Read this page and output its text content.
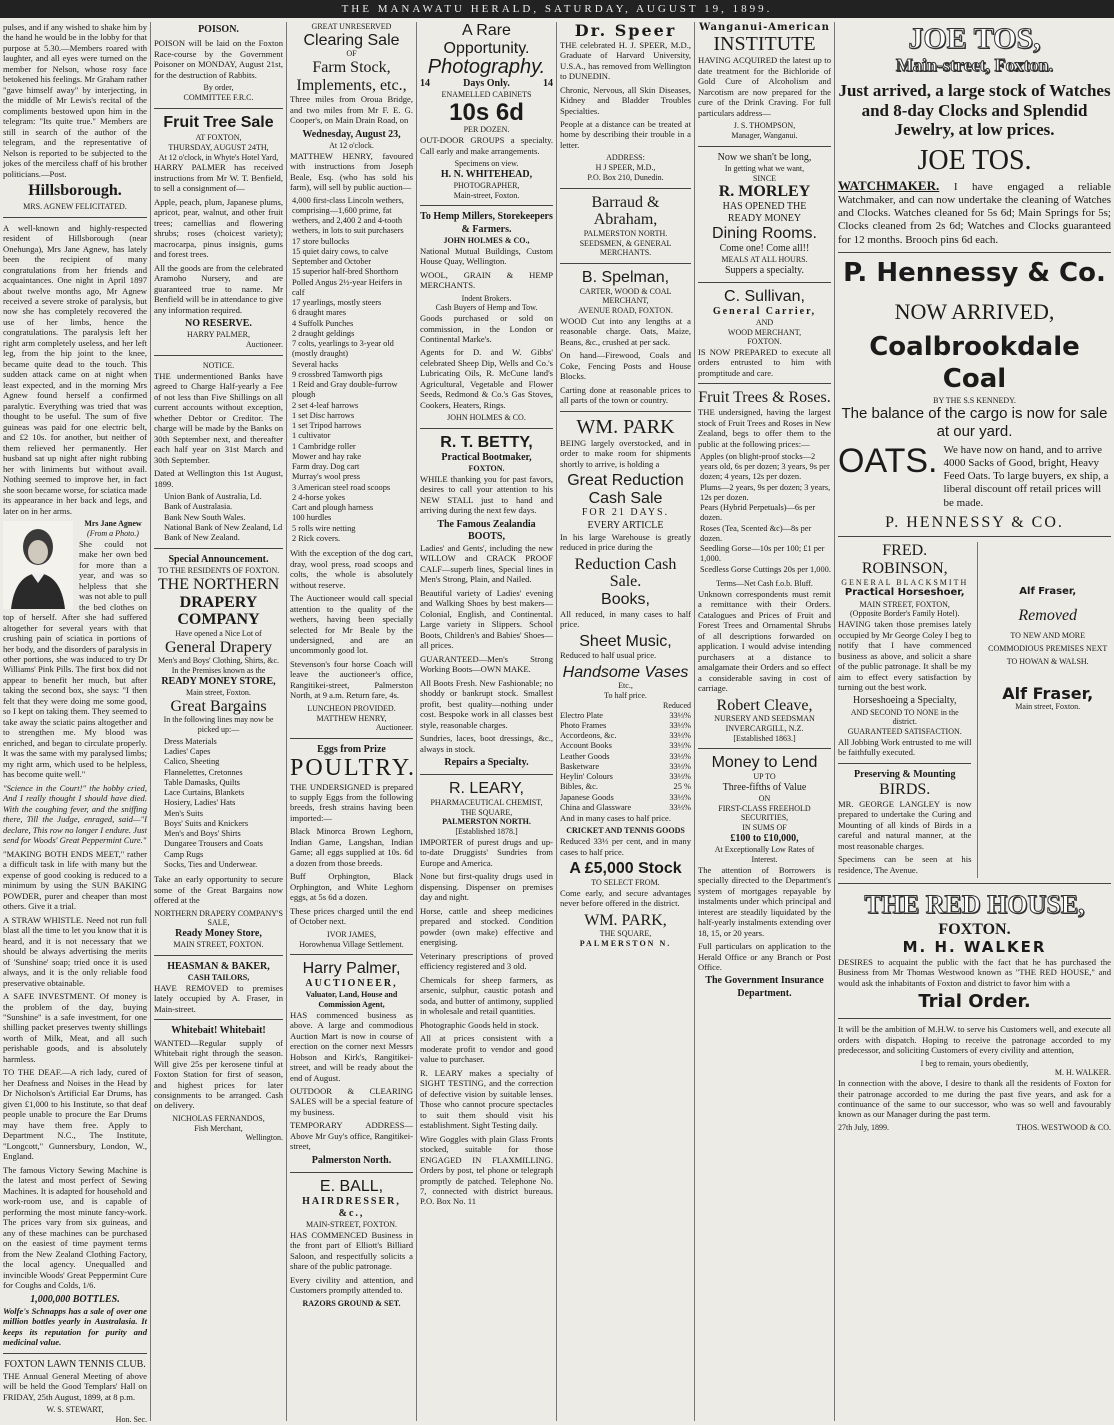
THE MANAWATU HERALD, SATURDAY, AUGUST 19, 1899.

pulses, and if any wished to shake him by the hand he would be in the lobby for that purpose at 5.30.—Members roared with laughter, and all eyes were turned on the member for Nelson, whose rosy face betokened his feelings. Mr Graham rather "gave himself away" by interjecting, in the middle of Mr Lewis's recital of the compliments bestowed upon him in the telegram: "Its quite true." Members are still in search of the author of the telegram, and the representative of Nelson is reported to be subjected to the jokes of the merciless chaff of his brother politicians.—Post.

Hillsborough.
MRS. AGNEW FELICITATED.

A well-known and highly-respected resident of Hillsborough (near Onehunga), Mrs Jane Agnew, has lately been the recipient of many congratulations from her friends and acquaintances. One night in April 1897 about twelve months ago, Mr Agnew received a severe stroke of paralysis, but now she has completely recovered the use of her limbs, hence the congratulations. The paralysis left her right arm completely useless, and her left leg, from the hip joint to the knee, became quite dead to the touch. This sudden attack came on at night when least expected, and in the morning Mrs Agnew found herself a confirmed paralytic. Everything was tried that was thought to be useful. The sum of five guineas was paid for one electric belt, and £2 10s. for another, but neither of them relieved her permanently. Her husband sat up night after night rubbing her with liniments but without avail. Nothing seemed to improve her, in fact she soon became worse, for sciatica made its appearance in her back and legs, and later on in her arms.

Mrs Jane Agnew
(From a Photo.)

She could not make her own bed for more than a year, and was so helpless that she was not able to pull the bed clothes on top of herself. After she had suffered altogether for several years with that crushing pain of sciatica in portions of her body, and the disorders of paralysis in other portions, she was induced to try Dr Williams' Pink Pills. The first box did not appear to benefit her much, but after taking the second box, she says: "I then felt that they were doing me some good, so I kept on taking them. They seemed to take away the sciatic pains altogether and to strengthen me. My blood was enriched, and began to circulate properly. It was the same with my paralysed limbs; my right arm, which used to be helpless, has become quite well."

"Science in the Court!" the hobby cried, And I really thought I should have died. With the coughing fever, and the sniffing there, Till the Judge, enraged, said—"I declare, This row no longer I endure. Just send for Woods' Great Peppermint Cure."

"MAKING BOTH ENDS MEET," rather a difficult task in life with many but the expense of good cooking is reduced to a minimum by using the SUN BAKING POWDER, purer and cheaper than most others. Give it a trial.

A STRAW WHISTLE. Need not run full blast all the time to let you know that it is heard, and it is not necessary that we should be always advertising the merits of 'Sunshine' soap; tried once it is used always, and it is the only reliable food preservative obtainable.

A SAFE INVESTMENT. Of money is the problem of the day, buying "Sunshine" is a safe investment, for one shilling packet preserves twenty shillings worth of Milk, Meat, and all such perishable goods, and is absolutely harmless.

TO THE DEAF.—A rich lady, cured of her Deafness and Noises in the Head by Dr Nicholson's Artificial Ear Drums, has given £1,000 to his Institute, so that deaf people unable to procure the Ear Drums may have them free. Apply to Department N.C., The Institute, "Longcott," Gunnersbury, London, W., England.

The famous Victory Sewing Machine is the latest and most perfect of Sewing Machines. It is adapted for household and work-room use, and is capable of performing the most minute fancy-work. The prices vary from six guineas, and any of these machines can be purchased on the easiest of time payment terms from the New Zealand Clothing Factory, the local agency. Unequalled and invincible Woods' Great Peppermint Cure for Coughs and Colds, 1/6.

1,000,000 BOTTLES.

Wolfe's Schnapps has a sale of over one million bottles yearly in Australasia. It keeps its reputation for purity and medicinal value.

FOXTON LAWN TENNIS CLUB.

THE Annual General Meeting of above will be held the Good Templars' Hall on FRIDAY, 25th August, 1899, at 8 p.m.

W. S. STEWART,
Hon. Sec.
POISON.

POISON will be laid on the Foxton Race-course by the Government Poisoner on MONDAY, August 21st, for the destruction of Rabbits.

By order,
COMMITTEE F.R.C.
Fruit Tree Sale
AT FOXTON,
THURSDAY, AUGUST 24TH,
At 12 o'clock, in Whyte's Hotel Yard,

HARRY PALMER has received instructions from Mr W. T. Benfield, to sell a consignment of—

Apple, peach, plum, Japanese plums, apricot, pear, walnut, and other fruit trees; camellias and flowering shrubs; roses (choicest variety); macrocarpa, pinus insignis, gums and forest trees.

All the goods are from the celebrated Aramoho Nursery, and are guaranteed true to name. Mr Benfield will be in attendance to give any information required.

NO RESERVE.
HARRY PALMER,
Auctioneer.
NOTICE.

THE undermentioned Banks have agreed to Charge Half-yearly a Fee of not less than Five Shillings on all current accounts without exception, whether Debtor or Creditor. The charge will be made by the Banks on 30th September next, and thereafter each half year on 31st March and 30th September.

Dated at Wellington this 1st August, 1899.

Union Bank of Australia, Ld.
Bank of Australasia.
Bank New South Wales.
National Bank of New Zealand, Ld
Bank of New Zealand.
Special Announcement.
TO THE RESIDENTS OF FOXTON.
THE NORTHERN
DRAPERY COMPANY
Have opened a Nice Lot of
General Drapery
Men's and Boys' Clothing, Shirts, &c.
In the Premises known as the
READY MONEY STORE,
Main street, Foxton.
Great Bargains
In the following lines may now be picked up:—
Dress Materials
Ladies' Capes
Calico, Sheeting
Flannelettes, Cretonnes
Table Damasks, Quilts
Lace Curtains, Blankets
Hosiery, Ladies' Hats
Men's Suits
Boys' Suits and Knickers
Men's and Boys' Shirts
Dungaree Trousers and Coats
Camp Rugs
Socks, Ties and Underwear.

Take an early opportunity to secure some of the Great Bargains now offered at the

NORTHERN DRAPERY COMPANY'S SALE,
Ready Money Store,
MAIN STREET, FOXTON.
HEASMAN & BAKER,
CASH TAILORS,

HAVE REMOVED to premises lately occupied by A. Fraser, in Main-street.

Whitebait! Whitebait!

WANTED—Regular supply of Whitebait right through the season. Will give 25s per kerosene tinful at Foxton Station for first of season, and highest prices for later consignments to be arranged. Cash on delivery.

NICHOLAS FERNANDOS,
Fish Merchant,
Wellington.
GREAT UNRESERVED
Clearing Sale
OF
Farm Stock, Implements, etc.,

Three miles from Oroua Bridge, and two miles from Mr F. E. G. Cooper's, on Main Drain Road, on

Wednesday, August 23,
At 12 o'clock.

MATTHEW HENRY, favoured with instructions from Joseph Beale, Esq. (who has sold his farm), will sell by public auction—

4,000 first-class Lincoln wethers, comprising—1,600 prime, fat wethers, and 2,400 2 and 4-tooth wethers, in lots to suit purchasers
17 store bullocks
15 quiet dairy cows, to calve September and October
15 superior half-bred Shorthorn Polled Angus 2½-year Heifers in calf
17 yearlings, mostly steers
6 draught mares
4 Suffolk Punches
2 draught geldings
7 colts, yearlings to 3-year old (mostly draught)
Several hacks
9 crossbred Tamworth pigs
1 Reid and Gray double-furrow plough
2 set 4-leaf harrows
1 set Disc harrows
1 set Tripod harrows
1 cultivator
1 Cambridge roller
Mower and hay rake
Farm dray. Dog cart
Murray's wool press
3 American steel road scoops
2 4-horse yokes
Cart and plough harness
100 hurdles
5 rolls wire netting
2 Rick covers.

With the exception of the dog cart, dray, wool press, road scoops and colts, the whole is absolutely without reserve.

The Auctioneer would call special attention to the quality of the wethers, having been specially selected for Mr Beale by the undersigned, and are an uncommonly good lot.

Stevenson's four horse Coach will leave the auctioneer's office, Rangitikei-street, Palmerston North, at 9 a.m. Return fare, 4s.

LUNCHEON PROVIDED.
MATTHEW HENRY,
Auctioneer.
Eggs from Prize
POULTRY.

THE UNDERSIGNED is prepared to supply Eggs from the following breeds, fresh strains having been imported:—

Black Minorca Brown Leghorn, Indian Game, Langshan, Indian Game; all eggs supplied at 10s. 6d a dozen from those breeds.

Buff Orphington, Black Orphington, and White Leghorn eggs, at 5s 6d a dozen.

These prices charged until the end of October next.

IVOR JAMES,
Horowhenua Village Settlement.
Harry Palmer,
AUCTIONEER,
Valuator, Land, House and Commission Agent,

HAS commenced business as above. A large and commodious Auction Mart is now in course of erection on the corner next Messrs Hobson and Kirk's, Rangitikei-street, and will be ready about the end of August.

OUTDOOR & CLEARING SALES will be a special feature of my business.

TEMPORARY ADDRESS—Above Mr Guy's office, Rangitikei-street,

Palmerston North.
E. BALL,
HAIRDRESSER, &c.,
MAIN-STREET, FOXTON.

HAS COMMENCED Business in the front part of Elliott's Billiard Saloon, and respectfully solicits a share of the public patronage.

Every civility and attention, and Customers promptly attended to.

RAZORS GROUND & SET.
A Rare Opportunity.
Photography.
14	Days Only.	14
ENAMELLED CABINETS
10s 6d
PER DOZEN.

OUT-DOOR GROUPS a specialty. Call early and make arrangements.

Specimens on view.
H. N. WHITEHEAD,
PHOTOGRAPHER,
Main-street, Foxton.
To Hemp Millers, Storekeepers & Farmers.
JOHN HOLMES & CO.,

National Mutual Buildings, Custom House Quay, Wellington.

WOOL, GRAIN & HEMP MERCHANTS.

Indent Brokers.
Cash Buyers of Hemp and Tow.

Goods purchased or sold on commission, in the London or Continental Marke's.

Agents for D. and W. Gibbs' celebrated Sheep Dip, Wells and Co.'s Lubricating Oils, R. McCune land's Agricultural, Vegetable and Flower Seeds, Redmond & Co.'s Gas Stoves, Cookers, Heaters, Rings.

JOHN HOLMES & CO.
R. T. BETTY,
Practical Bootmaker,
FOXTON.

WHILE thanking you for past favors, desires to call your attention to his NEW STALL just to hand and arriving during the next few days.

The Famous Zealandia BOOTS,

Ladies' and Gents', including the new WILLOW and CRACK PROOF CALF—superb lines, Special lines in Men's Strong, Plain, and Nailed.

Beautiful variety of Ladies' evening and Walking Shoes by best makers—Colonial, English, and Continental. Large variety in Slippers. School Boots, Children's and Babies' Shoes—all prices.

GUARANTEED—Men's Strong Working Boots—OWN MAKE.

All Boots Fresh. New Fashionable; no shoddy or bankrupt stock. Smallest profit, best quality—nothing under cost. Bespoke work in all classes best style, reasonable charges.

Sundries, laces, boot dressings, &c., always in stock.

Repairs a Specialty.
R. LEARY,
PHARMACEUTICAL CHEMIST,
THE SQUARE,
PALMERSTON NORTH.
[Established 1878.]

IMPORTER of purest drugs and up-to-date Druggists' Sundries from Europe and America.

None but first-quality drugs used in dispensing. Dispenser on premises day and night.

Horse, cattle and sheep medicines prepared and stocked. Condition powder (own make) effective and energising.

Veterinary prescriptions of proved efficiency registered and 3 old.

Chemicals for sheep farmers, as arsenic, sulphur, caustic potash and soda, and butter of antimony, supplied in wholesale and retail quantities.

Photographic Goods held in stock.

All at prices consistent with a moderate profit to vendor and good value to purchaser.

R. LEARY makes a specialty of SIGHT TESTING, and the correction of defective vision by suitable lenses. Those who cannot procure spectacles to suit them should visit his establishment. Sight Testing daily.

Wire Goggles with plain Glass Fronts stocked, suitable for those ENGAGED IN FLAXMILLING. Orders by post, tel phone or telegraph promptly de patched. Telephone No. 7, connected with district bureaus. P.O. Box No. 11

Dr. Speer

THE celebrated H. J. SPEER, M.D., Graduate of Harvard University, U.S.A., has removed from Wellington to DUNEDIN.

Chronic, Nervous, all Skin Diseases, Kidney and Bladder Troubles Specialties.

People at a distance can be treated at home by describing their trouble in a letter.

ADDRESS:
H J SPEER, M.D.,
P.O. Box 210, Dunedin.
Barraud & Abraham,
PALMERSTON NORTH.
SEEDSMEN, & GENERAL MERCHANTS.
B. Spelman,
CARTER, WOOD & COAL MERCHANT,
AVENUE ROAD, FOXTON.

WOOD Cut into any lengths at a reasonable charge. Oats, Maize, Beans, &c., crushed at per sack.

On hand—Firewood, Coals and Coke, Fencing Posts and House Blocks.

Carting done at reasonable prices to all parts of the town or country.

WM. PARK

BEING largely overstocked, and in order to make room for shipments shortly to arrive, is holding a

Great Reduction
Cash Sale
FOR 21 DAYS.
EVERY ARTICLE

In his large Warehouse is greatly reduced in price during the

Reduction Cash Sale.
Books,

All reduced, in many cases to half price.

Sheet Music,

Reduced to half usual price.

Handsome Vases
Etc.,
To half price.
Reduced
Electro Plate	33⅓%
Photo Frames	33⅓%
Accordeons, &c.	33⅓%
Account Books	33⅓%
Leather Goods	33⅓%
Basketware	33⅓%
Heylin' Colours	33⅓%
Bibles, &c.	25 %
Japanese Goods	33⅓%
China and Glassware	33⅓%

And in many cases to half price.

CRICKET AND TENNIS GOODS

Reduced 33⅓ per cent, and in many cases to half price.

A £5,000 Stock
TO SELECT FROM.

Come early, and secure advantages never before offered in the district.

WM. PARK,
THE SQUARE,
PALMERSTON N.
Wanganui-American
INSTITUTE

HAVING ACQUIRED the latest up to date treatment for the Bichloride of Gold Cure of Alcoholism and Narcotism are now prepared for the cure of the Drink Craving. For full particulars address—

J. S. THOMPSON,
Manager, Wanganui.
Now we shan't be long,
In getting what we want,
SINCE
R. MORLEY
HAS OPENED THE
READY MONEY
Dining Rooms.
Come one! Come all!!
MEALS AT ALL HOURS.
Suppers a specialty.
C. Sullivan,
General Carrier,
AND
WOOD MERCHANT,
FOXTON.

IS NOW PREPARED to execute all orders entrusted to him with promptitude and care.

Fruit Trees & Roses.

THE undersigned, having the largest stock of Fruit Trees and Roses in New Zealand, begs to offer them to the public at the following prices:—

Apples (on blight-proof stocks—2 years old, 6s per dozen; 3 years, 9s per dozen; 4 years, 12s per dozen.
Plums—2 years, 9s per dozen; 3 years, 12s per dozen.
Pears (Hybrid Perpetuals)—6s per dozen.
Roses (Tea, Scented &c)—8s per dozen.
Seedling Gorse—10s per 100; £1 per 1,000.
Scedless Gorse Cuttings 20s per 1,000.
Terms—Net Cash f.o.b. Bluff.

Unknown correspondents must remit a remittance with their Orders. Catalogues and Prices of Fruit and Forest Trees and Ornamental Shrubs of all descriptions forwarded on application. I would advise intending purchasers at a distance to amalgamate their Orders and so effect a considerable saving in cost of carriage.

Robert Cleave,
NURSERY AND SEEDSMAN
INVERCARGILL, N.Z.
[Established 1863.]
Money to Lend
UP TO
Three-fifths of Value
ON
FIRST-CLASS FREEHOLD
SECURITIES,
IN SUMS OF
£100 to £10,000,
At Exceptionally Low Rates of
Interest.

The attention of Borrowers is specially directed to the Department's system of mortgages repayable by instalments under which principal and interest are steadily liquidated by the half-yearly instalments extending over 18, 15, or 20 years.

Full particulars on application to the Herald Office or any Branch or Post Office.

The Government Insurance Department.
JOE TOS,
Main-street, Foxton.
Just arrived, a large stock of Watches and 8-day Clocks and Splendid Jewelry, at low prices.
JOE TOS.

WATCHMAKER. I have engaged a reliable Watchmaker, and can now undertake the cleaning of Watches and Clocks. Watches cleaned for 5s 6d; Main Springs for 5s; Clocks cleaned from 2s 6d; Watches and Clocks guaranteed for 12 months. Brooch pins 6d each.

P. Hennessy & Co.
NOW ARRIVED,
Coalbrookdale Coal
BY THE S.S KENNEDY.
The balance of the cargo is now for sale at our yard.
OATS. We have now on hand, and to arrive 4000 Sacks of Good, bright, Heavy Feed Oats. To large buyers, ex ship, a liberal discount off retail prices will be made.
P. HENNESSY & CO.
FRED. ROBINSON,
GENERAL BLACKSMITH
Practical Horseshoer,
MAIN STREET, FOXTON,
(Opposite Border's Family Hotel).

HAVING taken those premises lately occupied by Mr George Coley I beg to notify that I have commenced business as above, and solicit a share of the public patronage. It shall be my aim to effect every satisfaction by turning out the best work.

Horseshoeing a Specialty,
AND SECOND TO NONE in the district.
GUARANTEED SATISFACTION.

All Jobbing Work entrusted to me will be faithfully executed.

Preserving & Mounting
BIRDS.

MR. GEORGE LANGLEY is now prepared to undertake the Curing and Mounting of all kinds of Birds in a careful and natural manner, at the most reasonable charges.

Specimens can be seen at his residence, The Avenue.

Alf Fraser,
Removed
TO NEW AND MORE COMMODIOUS PREMISES NEXT TO HOWAN & WALSH.
Alf Fraser,
Main street, Foxton.
THE RED HOUSE,
FOXTON.
M. H. WALKER

DESIRES to acquaint the public with the fact that he has purchased the Business from Mr Thomas Westwood known as "THE RED HOUSE," and would ask the inhabitants of Foxton and district to favor him with a

Trial Order.

It will be the ambition of M.H.W. to serve his Customers well, and execute all orders with dispatch. Hoping to receive the patronage accorded to my predecessor, and soliciting Customers of every civility and attention,

I beg to remain, yours obediently,
M. H. WALKER.

In connection with the above, I desire to thank all the residents of Foxton for their patronage accorded to me during the past five years, and ask for a continuance of the same to our successor, who was so well and favourably known as our Manager during the past term.

27th July, 1899.	THOS. WESTWOOD & CO.
